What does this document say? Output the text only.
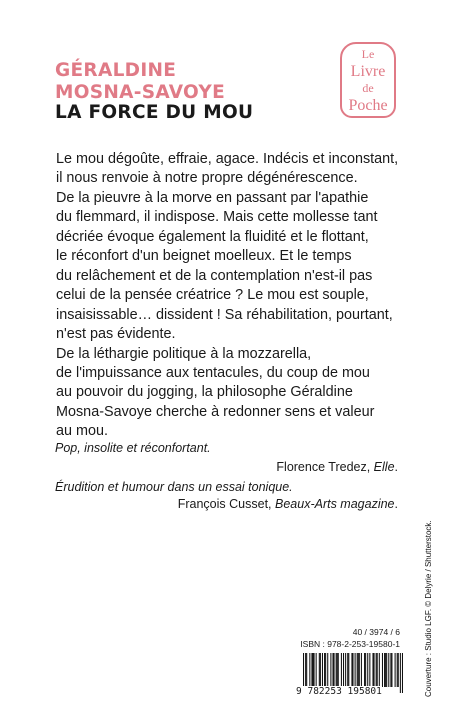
GÉRALDINE
MOSNA-SAVOYE
LA FORCE DU MOU
Le
Livre
de
Poche
Le mou dégoûte, effraie, agace. Indécis et inconstant,
il nous renvoie à notre propre dégénérescence.
De la pieuvre à la morve en passant par l'apathie
du flemmard, il indispose. Mais cette mollesse tant
décriée évoque également la fluidité et le flottant,
le réconfort d'un beignet moelleux. Et le temps
du relâchement et de la contemplation n'est-il pas
celui de la pensée créatrice ? Le mou est souple,
insaisissable… dissident ! Sa réhabilitation, pourtant,
n'est pas évidente.
De la léthargie politique à la mozzarella,
de l'impuissance aux tentacules, du coup de mou
au pouvoir du jogging, la philosophe Géraldine
Mosna-Savoye cherche à redonner sens et valeur
au mou.
Pop, insolite et réconfortant.
Florence Tredez, Elle.
Érudition et humour dans un essai tonique.
François Cusset, Beaux-Arts magazine.
Couverture : Studio LGF. © Delyrie / Shutterstock.
40 / 3974 / 6
ISBN : 978-2-253-19580-1
9 782253 195801
